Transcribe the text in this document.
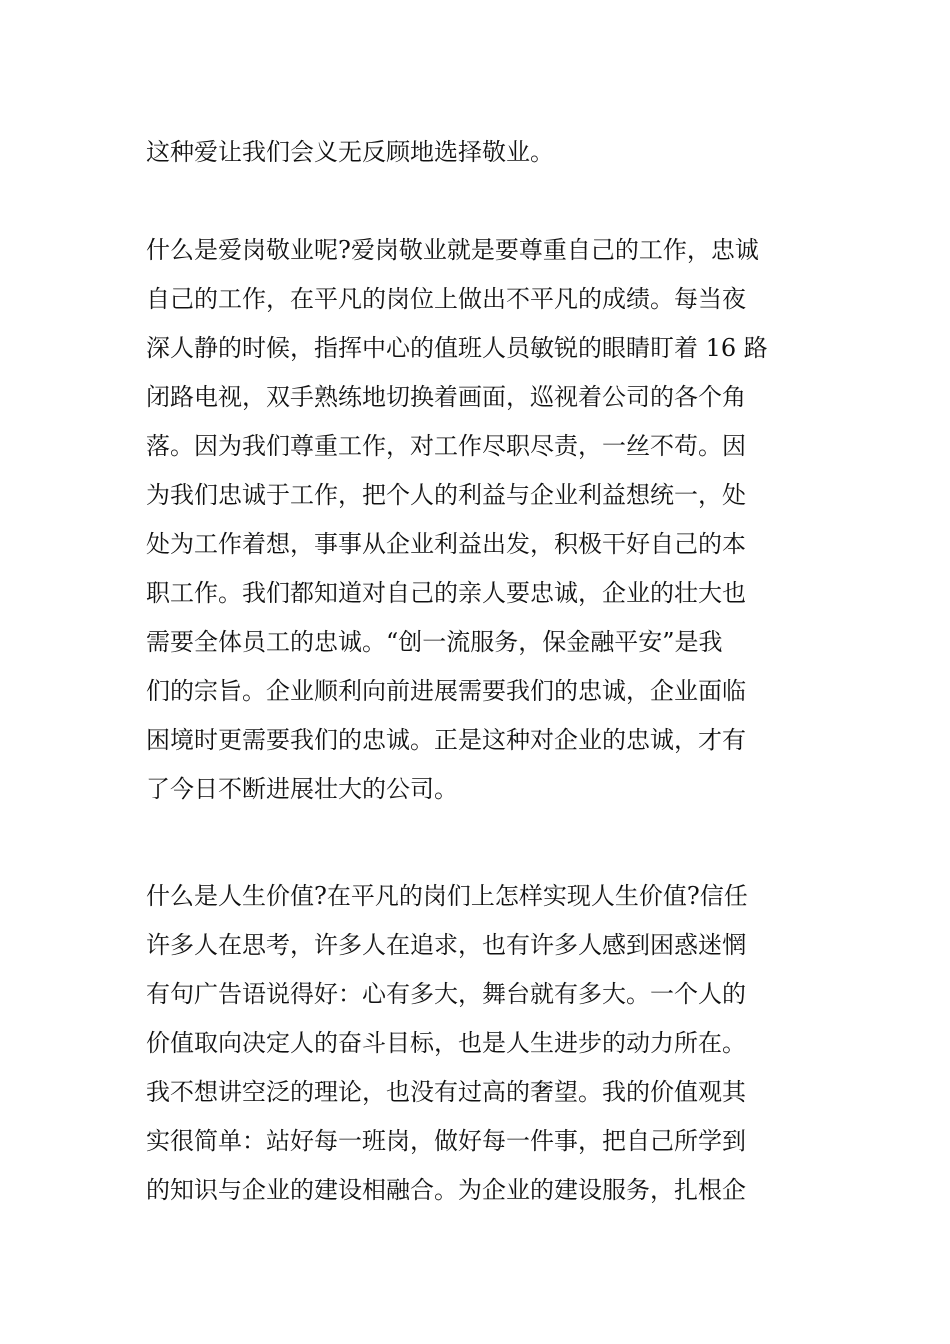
这种爱让我们会义无反顾地选择敬业。
什么是爱岗敬业呢?爱岗敬业就是要尊重自己的工作，忠诚
自己的工作，在平凡的岗位上做出不平凡的成绩。每当夜
深人静的时候，指挥中心的值班人员敏锐的眼睛盯着 16 路
闭路电视，双手熟练地切换着画面，巡视着公司的各个角
落。因为我们尊重工作，对工作尽职尽责，一丝不苟。因
为我们忠诚于工作，把个人的利益与企业利益想统一，处
处为工作着想，事事从企业利益出发，积极干好自己的本
职工作。我们都知道对自己的亲人要忠诚，企业的壮大也
需要全体员工的忠诚。“创一流服务，保金融平安”是我
们的宗旨。企业顺利向前进展需要我们的忠诚，企业面临
困境时更需要我们的忠诚。正是这种对企业的忠诚，才有
了今日不断进展壮大的公司。
什么是人生价值?在平凡的岗们上怎样实现人生价值?信任
许多人在思考，许多人在追求，也有许多人感到困惑迷惘
有句广告语说得好：心有多大，舞台就有多大。一个人的
价值取向决定人的奋斗目标，也是人生进步的动力所在。
我不想讲空泛的理论，也没有过高的奢望。我的价值观其
实很简单：站好每一班岗，做好每一件事，把自己所学到
的知识与企业的建设相融合。为企业的建设服务，扎根企
